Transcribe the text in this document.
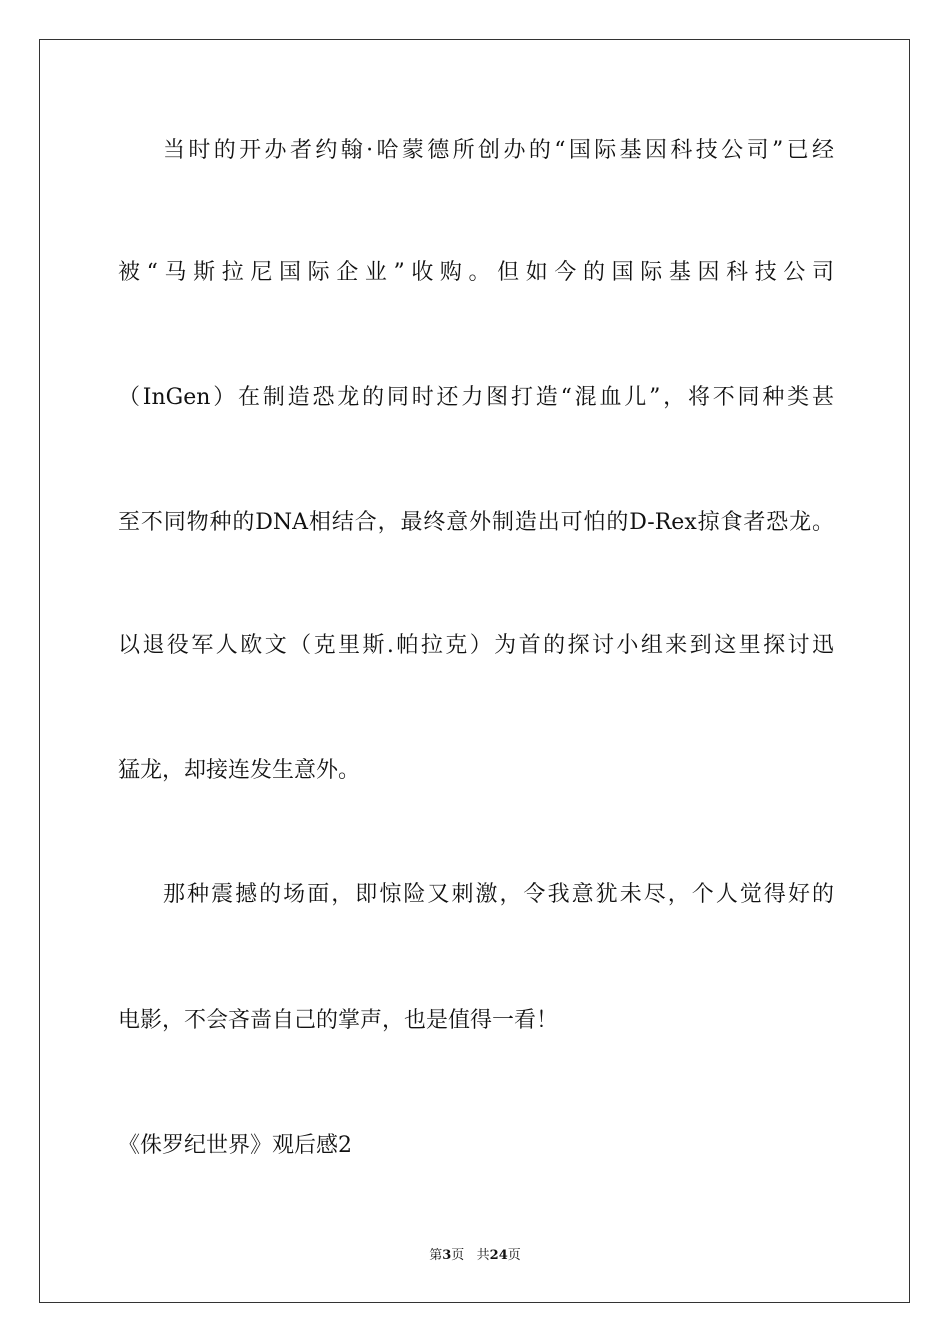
当时的开办者约翰·哈蒙德所创办的“国际基因科技公司”已经
被“马斯拉尼国际企业”收购。但如今的国际基因科技公司
（InGen）在制造恐龙的同时还力图打造“混血儿”，将不同种类甚
至不同物种的DNA相结合，最终意外制造出可怕的D-Rex掠食者恐龙。
以退役军人欧文（克里斯.帕拉克）为首的探讨小组来到这里探讨迅
猛龙，却接连发生意外。
那种震撼的场面，即惊险又刺激，令我意犹未尽，个人觉得好的
电影，不会吝啬自己的掌声，也是值得一看！
《侏罗纪世界》观后感2
第3页   共24页
